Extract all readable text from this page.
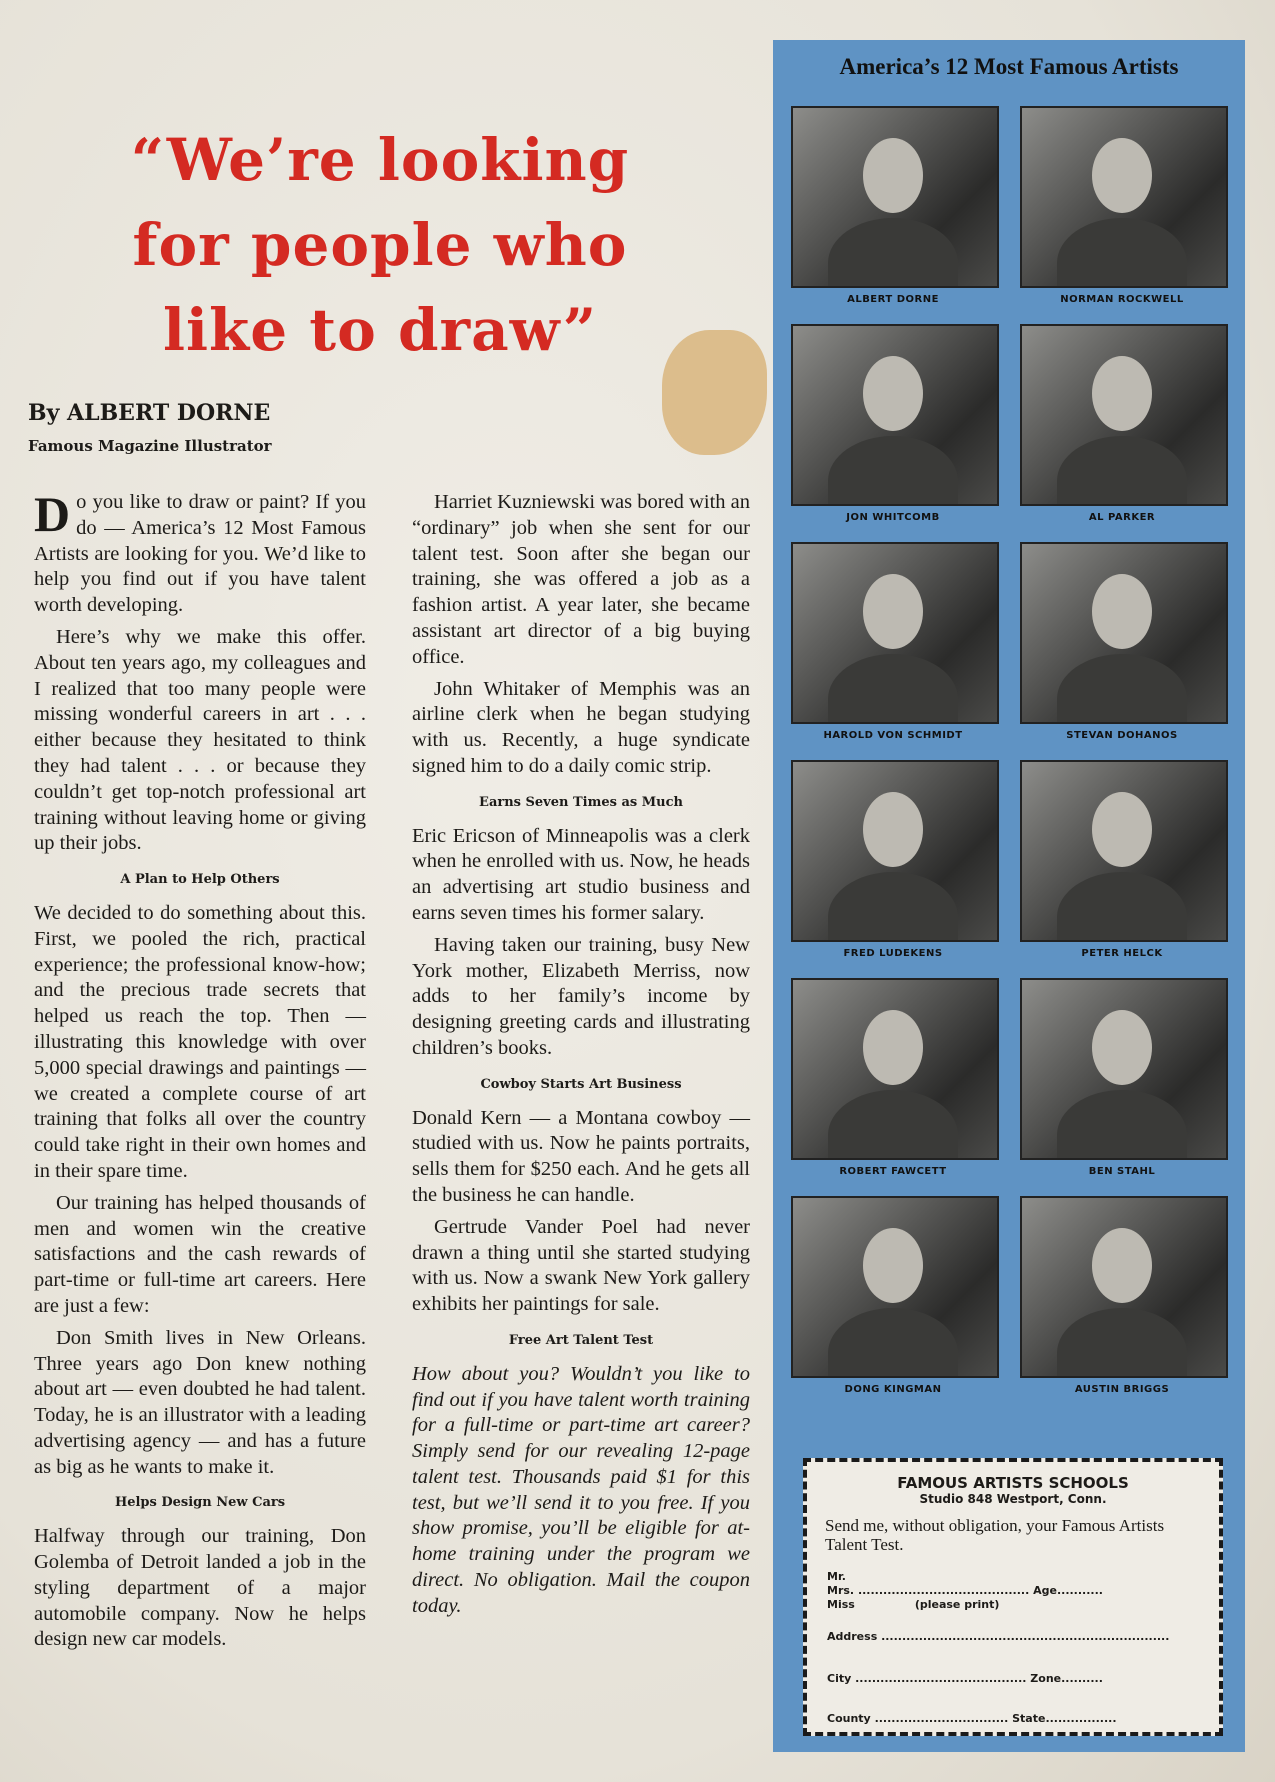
“We’re looking
for people who
like to draw”
By ALBERT DORNE
Famous Magazine Illustrator

Do you like to draw or paint? If you do — America’s 12 Most Famous Artists are looking for you. We’d like to help you find out if you have talent worth developing.

Here’s why we make this offer. About ten years ago, my colleagues and I realized that too many people were missing wonderful careers in art . . . either because they hesitated to think they had talent . . . or because they couldn’t get top-notch professional art training without leaving home or giving up their jobs.

A Plan to Help Others

We decided to do something about this. First, we pooled the rich, practical experience; the professional know-how; and the precious trade secrets that helped us reach the top. Then — illustrating this knowledge with over 5,000 special drawings and paintings — we created a complete course of art training that folks all over the country could take right in their own homes and in their spare time.

Our training has helped thousands of men and women win the creative satisfactions and the cash rewards of part-time or full-time art careers. Here are just a few:

Don Smith lives in New Orleans. Three years ago Don knew nothing about art — even doubted he had talent. Today, he is an illustrator with a leading advertising agency — and has a future as big as he wants to make it.

Helps Design New Cars

Halfway through our training, Don Golemba of Detroit landed a job in the styling department of a major automobile company. Now he helps design new car models.

Harriet Kuzniewski was bored with an “ordinary” job when she sent for our talent test. Soon after she began our training, she was offered a job as a fashion artist. A year later, she became assistant art director of a big buying office.

John Whitaker of Memphis was an airline clerk when he began studying with us. Recently, a huge syndicate signed him to do a daily comic strip.

Earns Seven Times as Much

Eric Ericson of Minneapolis was a clerk when he enrolled with us. Now, he heads an advertising art studio business and earns seven times his former salary.

Having taken our training, busy New York mother, Elizabeth Merriss, now adds to her family’s income by designing greeting cards and illustrating children’s books.

Cowboy Starts Art Business

Donald Kern — a Montana cowboy — studied with us. Now he paints portraits, sells them for $250 each. And he gets all the business he can handle.

Gertrude Vander Poel had never drawn a thing until she started studying with us. Now a swank New York gallery exhibits her paintings for sale.

Free Art Talent Test

How about you? Wouldn’t you like to find out if you have talent worth training for a full-time or part-time art career? Simply send for our revealing 12-page talent test. Thousands paid $1 for this test, but we’ll send it to you free. If you show promise, you’ll be eligible for at-home training under the program we direct. No obligation. Mail the coupon today.

America’s 12 Most Famous Artists
ALBERT DORNE	NORMAN ROCKWELL
JON WHITCOMB	AL PARKER
HAROLD VON SCHMIDT	STEVAN DOHANOS
FRED LUDEKENS	PETER HELCK
ROBERT FAWCETT	BEN STAHL
DONG KINGMAN	AUSTIN BRIGGS
FAMOUS ARTISTS SCHOOLS
Studio 848 Westport, Conn.
Send me, without obligation, your Famous Artists Talent Test.
Mr.
Mrs. ......................................... Age...........
Miss	(please print)
Address .....................................................................
City ......................................... Zone..........
County ................................ State.................
